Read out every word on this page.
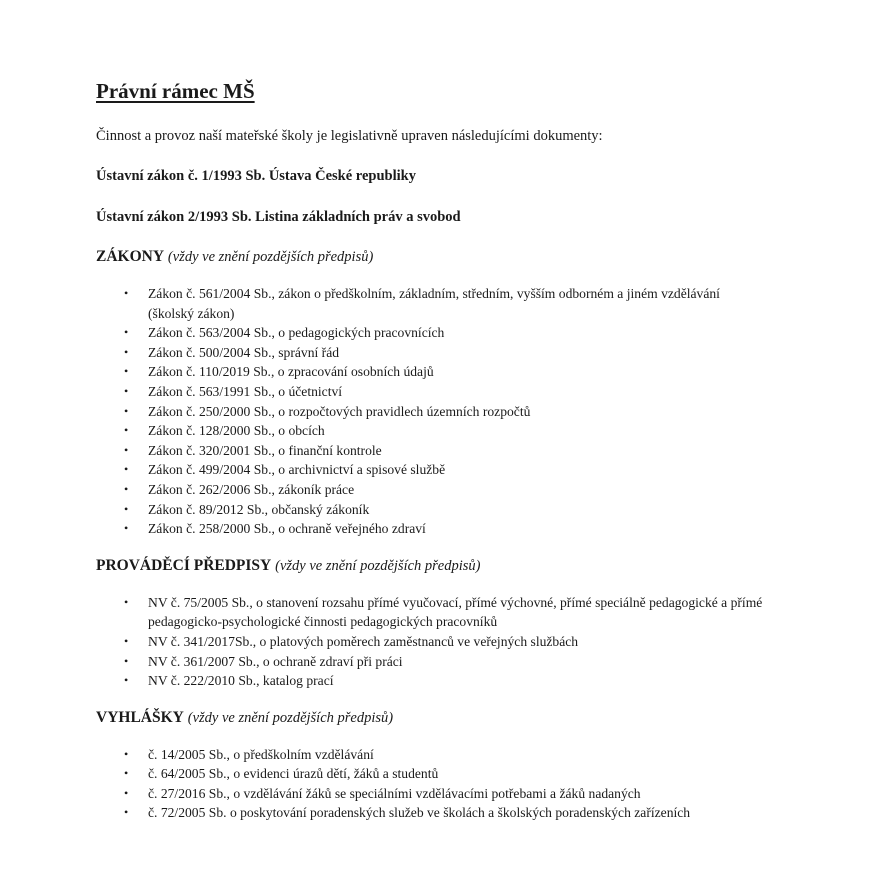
Právní rámec MŠ

Činnost a provoz naší mateřské školy je legislativně upraven následujícími dokumenty:

Ústavní zákon č. 1/1993 Sb. Ústava České republiky

Ústavní zákon 2/1993 Sb. Listina základních práv a svobod

ZÁKONY (vždy ve znění pozdějších předpisů)

• Zákon č. 561/2004 Sb., zákon o předškolním, základním, středním, vyšším odborném a jiném vzdělávání (školský zákon)
• Zákon č. 563/2004 Sb., o pedagogických pracovnících
• Zákon č. 500/2004 Sb., správní řád
• Zákon č. 110/2019 Sb., o zpracování osobních údajů
• Zákon č. 563/1991 Sb., o účetnictví
• Zákon č. 250/2000 Sb., o rozpočtových pravidlech územních rozpočtů
• Zákon č. 128/2000 Sb., o obcích
• Zákon č. 320/2001 Sb., o finanční kontrole
• Zákon č. 499/2004 Sb., o archivnictví a spisové službě
• Zákon č. 262/2006 Sb., zákoník práce
• Zákon č. 89/2012 Sb., občanský zákoník
• Zákon č. 258/2000 Sb., o ochraně veřejného zdraví

PROVÁDĚCÍ PŘEDPISY (vždy ve znění pozdějších předpisů)

• NV č. 75/2005 Sb., o stanovení rozsahu přímé vyučovací, přímé výchovné, přímé speciálně pedagogické a přímé pedagogicko-psychologické činnosti pedagogických pracovníků
• NV č. 341/2017Sb., o platových poměrech zaměstnanců ve veřejných službách
• NV č. 361/2007 Sb., o ochraně zdraví při práci
• NV č. 222/2010 Sb., katalog prací

VYHLÁŠKY (vždy ve znění pozdějších předpisů)

• č. 14/2005 Sb., o předškolním vzdělávání
• č. 64/2005 Sb., o evidenci úrazů dětí, žáků a studentů
• č. 27/2016 Sb., o vzdělávání žáků se speciálními vzdělávacími potřebami a žáků nadaných
• č. 72/2005 Sb. o poskytování poradenských služeb ve školách a školských poradenských zařízeních
